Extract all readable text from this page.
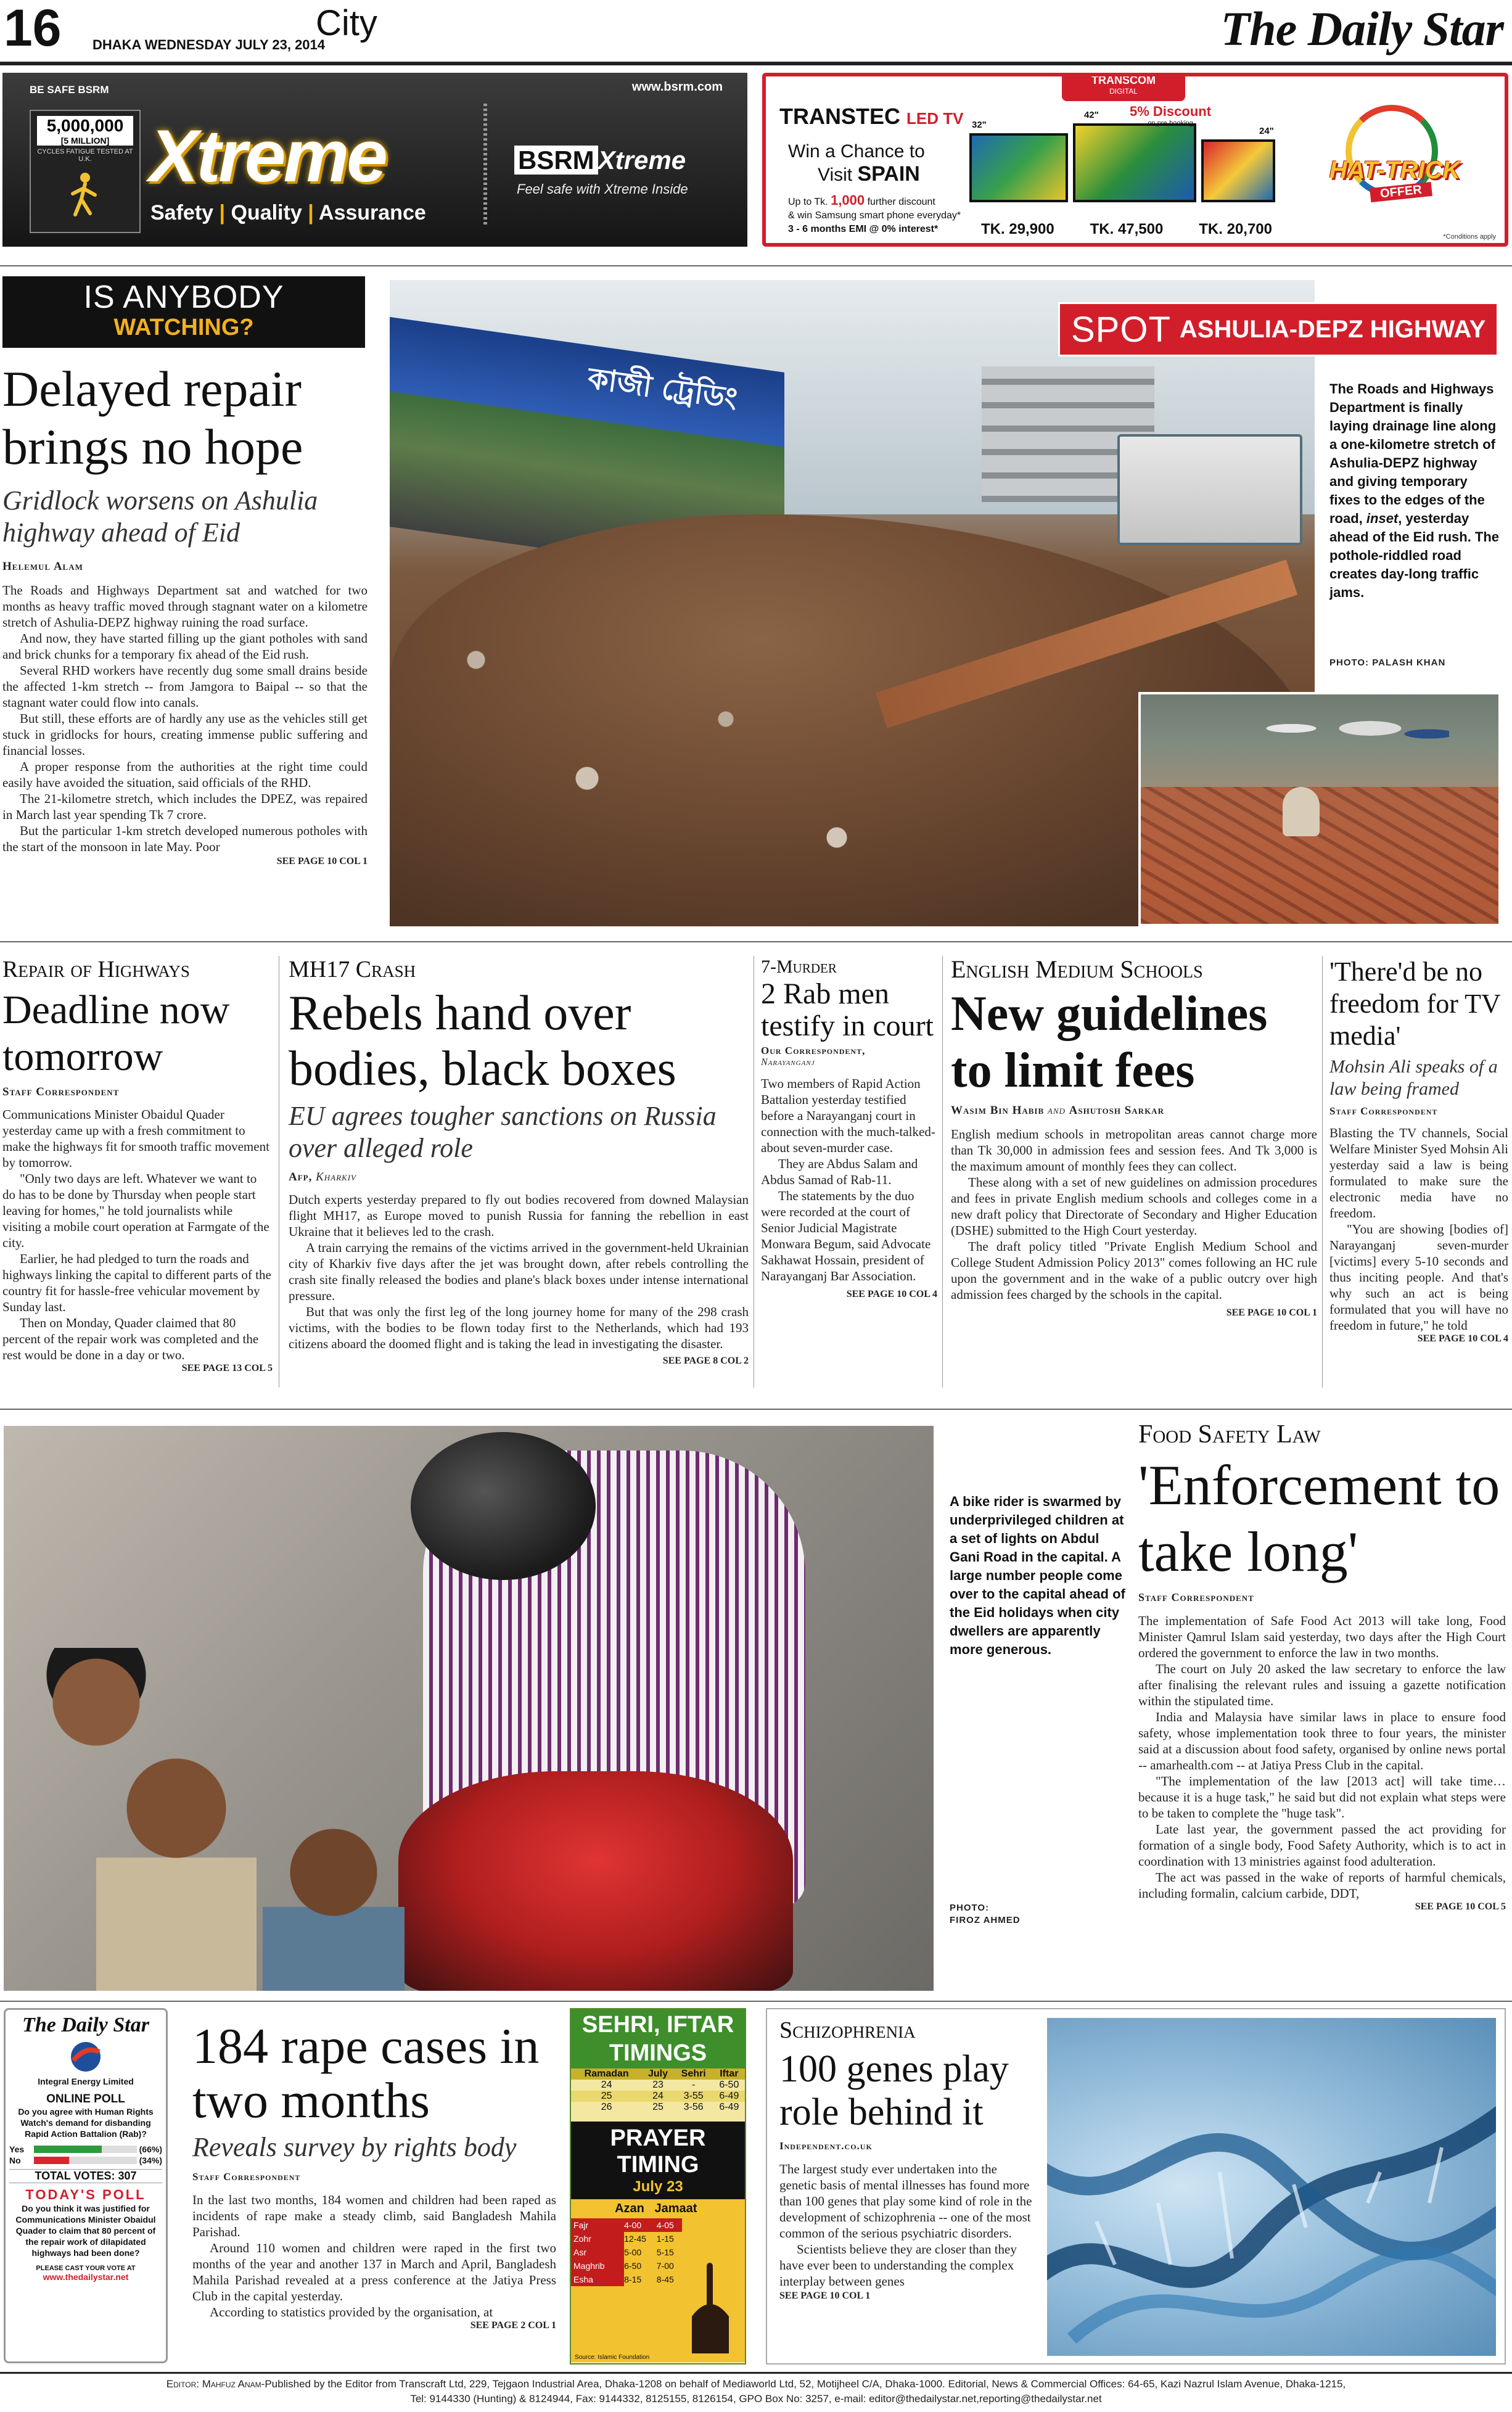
16 DHAKA WEDNESDAY JULY 23, 2014
City	The Daily Star
BE SAFE BSRM
5,000,000
[5 MILLION]
CYCLES FATIGUE TESTED AT U.K. Xtreme
Safety | Quality | Assurance
www.bsrm.com
BSRM Xtreme
Feel safe with Xtreme Inside
TRANSCOM
DIGITAL
TRANSTEC LED TV
Win a Chance to
Visit SPAIN
Up to Tk. 1,000 further discount
& win Samsung smart phone everyday*
3 - 6 months EMI @ 0% interest*
32"
42"
24"
5% Discount
on pre-booking
TK. 29,900 TK. 47,500 TK. 20,700
HAT-TRICK
OFFER
*Conditions apply
IS ANYBODY
WATCHING?
Delayed repair brings no hope
Gridlock worsens on Ashulia highway ahead of Eid
Helemul Alam

The Roads and Highways Department sat and watched for two months as heavy traffic moved through stagnant water on a kilometre stretch of Ashulia-DEPZ highway ruining the road surface.

And now, they have started filling up the giant potholes with sand and brick chunks for a temporary fix ahead of the Eid rush.

Several RHD workers have recently dug some small drains beside the affected 1-km stretch -- from Jamgora to Baipal -- so that the stagnant water could flow into canals.

But still, these efforts are of hardly any use as the vehicles still get stuck in gridlocks for hours, creating immense public suffering and financial losses.

A proper response from the authorities at the right time could easily have avoided the situation, said officials of the RHD.

The 21-kilometre stretch, which includes the DPEZ, was repaired in March last year spending Tk 7 crore.

But the particular 1-km stretch developed numerous potholes with the start of the monsoon in late May. Poor

SEE PAGE 10 COL 1
কাজী ট্রেডিং
SPOT ASHULIA-DEPZ HIGHWAY
The Roads and Highways Department is finally laying drainage line along a one-kilometre stretch of Ashulia-DEPZ highway and giving temporary fixes to the edges of the road, inset, yesterday ahead of the Eid rush. The pothole-riddled road creates day-long traffic jams.
PHOTO: PALASH KHAN
Repair of Highways
Deadline now tomorrow
Staff Correspondent

Communications Minister Obaidul Quader yesterday came up with a fresh commitment to make the highways fit for smooth traffic movement by tomorrow.

"Only two days are left. Whatever we want to do has to be done by Thursday when people start leaving for homes," he told journalists while visiting a mobile court operation at Farmgate of the city.

Earlier, he had pledged to turn the roads and highways linking the capital to different parts of the country fit for hassle-free vehicular movement by Sunday last.

Then on Monday, Quader claimed that 80 percent of the repair work was completed and the rest would be done in a day or two.

SEE PAGE 13 COL 5
MH17 Crash
Rebels hand over bodies, black boxes
EU agrees tougher sanctions on Russia over alleged role
Afp, Kharkiv

Dutch experts yesterday prepared to fly out bodies recovered from downed Malaysian flight MH17, as Europe moved to punish Russia for fanning the rebellion in east Ukraine that it believes led to the crash.

A train carrying the remains of the victims arrived in the government-held Ukrainian city of Kharkiv five days after the jet was brought down, after rebels controlling the crash site finally released the bodies and plane's black boxes under intense international pressure.

But that was only the first leg of the long journey home for many of the 298 crash victims, with the bodies to be flown today first to the Netherlands, which had 193 citizens aboard the doomed flight and is taking the lead in investigating the disaster.

SEE PAGE 8 COL 2
7-Murder
2 Rab men testify in court
Our Correspondent,
Narayanganj

Two members of Rapid Action Battalion yesterday testified before a Narayanganj court in connection with the much-talked-about seven-murder case.

They are Abdus Salam and Abdus Samad of Rab-11.

The statements by the duo were recorded at the court of Senior Judicial Magistrate Monwara Begum, said Advocate Sakhawat Hossain, president of Narayanganj Bar Association.

SEE PAGE 10 COL 4
English Medium Schools
New guidelines to limit fees
Wasim Bin Habib and Ashutosh Sarkar

English medium schools in metropolitan areas cannot charge more than Tk 30,000 in admission fees and session fees. And Tk 3,000 is the maximum amount of monthly fees they can collect.

These along with a set of new guidelines on admission procedures and fees in private English medium schools and colleges come in a new draft policy that Directorate of Secondary and Higher Education (DSHE) submitted to the High Court yesterday.

The draft policy titled "Private English Medium School and College Student Admission Policy 2013" comes following an HC rule upon the government and in the wake of a public outcry over high admission fees charged by the schools in the capital.

SEE PAGE 10 COL 1
'There'd be no freedom for TV media'
Mohsin Ali speaks of a law being framed
Staff Correspondent

Blasting the TV channels, Social Welfare Minister Syed Mohsin Ali yesterday said a law is being formulated to make sure the electronic media have no freedom.

"You are showing [bodies of] Narayanganj seven-murder [victims] every 5-10 seconds and thus inciting people. And that's why such an act is being formulated that you will have no freedom in future," he told

SEE PAGE 10 COL 4
A bike rider is swarmed by underprivileged children at a set of lights on Abdul Gani Road in the capital. A large number people come over to the capital ahead of the Eid holidays when city dwellers are apparently more generous.
PHOTO:
FIROZ AHMED
Food Safety Law
'Enforcement to take long'
Staff Correspondent

The implementation of Safe Food Act 2013 will take long, Food Minister Qamrul Islam said yesterday, two days after the High Court ordered the government to enforce the law in two months.

The court on July 20 asked the law secretary to enforce the law after finalising the relevant rules and issuing a gazette notification within the stipulated time.

India and Malaysia have similar laws in place to ensure food safety, whose implementation took three to four years, the minister said at a discussion about food safety, organised by online news portal -- amarhealth.com -- at Jatiya Press Club in the capital.

"The implementation of the law [2013 act] will take time… because it is a huge task," he said but did not explain what steps were to be taken to complete the "huge task".

Late last year, the government passed the act providing for formation of a single body, Food Safety Authority, which is to act in coordination with 13 ministries against food adulteration.

The act was passed in the wake of reports of harmful chemicals, including formalin, calcium carbide, DDT,

SEE PAGE 10 COL 5
The Daily Star
Integral Energy Limited
ONLINE POLL
Do you agree with Human Rights Watch's demand for disbanding Rapid Action Battalion (Rab)?
Yes	(66%)
No	(34%)
TOTAL VOTES: 307
TODAY'S POLL
Do you think it was justified for Communications Minister Obaidul Quader to claim that 80 percent of the repair work of dilapidated highways had been done?
PLEASE CAST YOUR VOTE AT
www.thedailystar.net
184 rape cases in two months
Reveals survey by rights body
Staff Correspondent

In the last two months, 184 women and children had been raped as incidents of rape make a steady climb, said Bangladesh Mahila Parishad.

Around 110 women and children were raped in the first two months of the year and another 137 in March and April, Bangladesh Mahila Parishad revealed at a press conference at the Jatiya Press Club in the capital yesterday.

According to statistics provided by the organisation, at

SEE PAGE 2 COL 1
SEHRI, IFTAR TIMINGS
Ramadan	July	Sehri	Iftar
24	23	-	6-50
25	24	3-55	6-49
26	25	3-56	6-49
PRAYER TIMING
July 23
Azan Jamaat
Fajr	4-00	4-05
Zohr	12-45	1-15
Asr	5-00	5-15
Maghrib	6-50	7-00
Esha	8-15	8-45
Source: Islamic Foundation
Schizophrenia
100 genes play role behind it
Independent.co.uk

The largest study ever undertaken into the genetic basis of mental illnesses has found more than 100 genes that play some kind of role in the development of schizophrenia -- one of the most common of the serious psychiatric disorders.

Scientists believe they are closer than they have ever been to understanding the complex interplay between genes

SEE PAGE 10 COL 1
Editor: Mahfuz Anam-Published by the Editor from Transcraft Ltd, 229, Tejgaon Industrial Area, Dhaka-1208 on behalf of Mediaworld Ltd, 52, Motijheel C/A, Dhaka-1000. Editorial, News & Commercial Offices: 64-65, Kazi Nazrul Islam Avenue, Dhaka-1215,
Tel: 9144330 (Hunting) & 8124944, Fax: 9144332, 8125155, 8126154, GPO Box No: 3257, e-mail: editor@thedailystar.net,reporting@thedailystar.net
